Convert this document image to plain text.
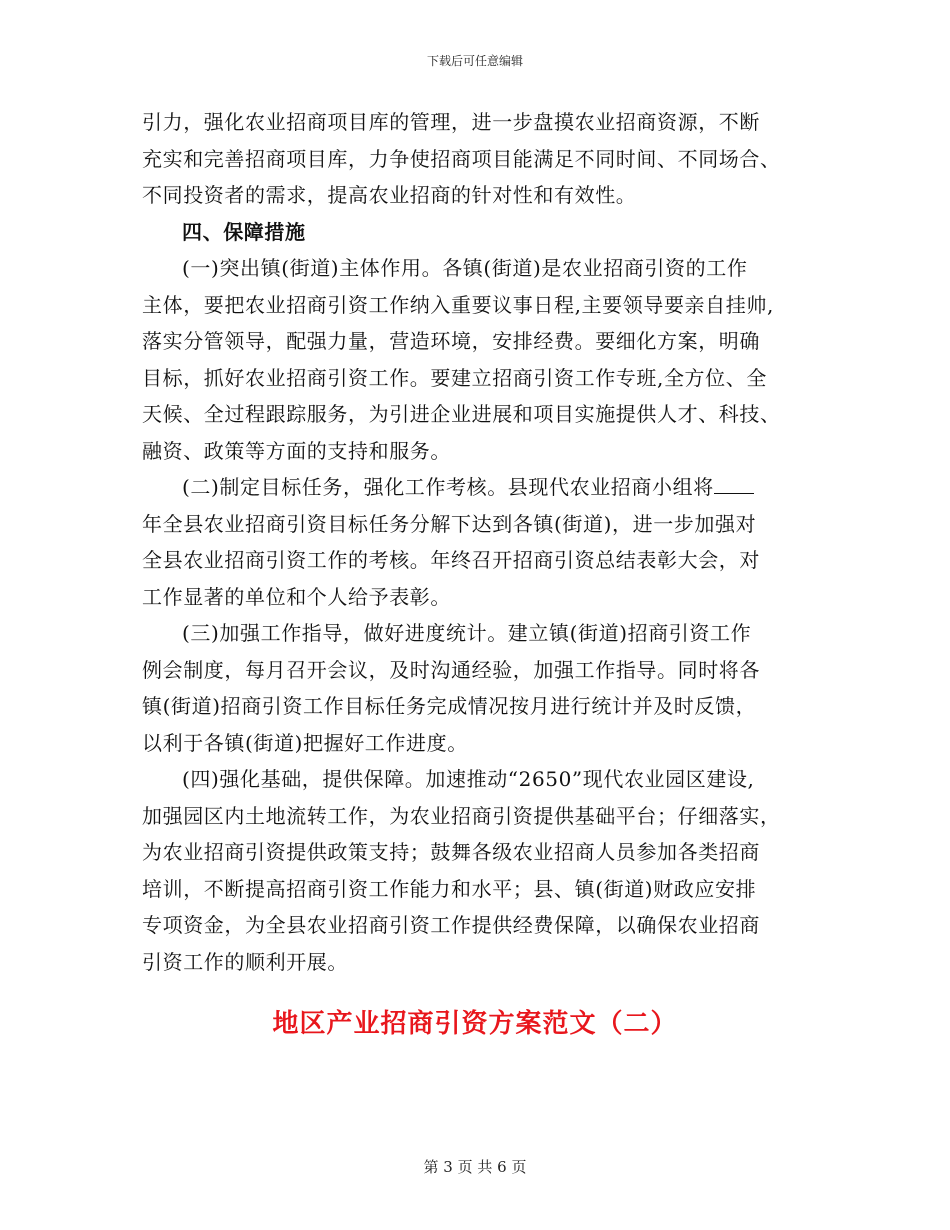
下载后可任意编辑
引力，强化农业招商项目库的管理，进一步盘摸农业招商资源，不断
充实和完善招商项目库，力争使招商项目能满足不同时间、不同场合、
不同投资者的需求，提高农业招商的针对性和有效性。
四、保障措施
(一)突出镇(街道)主体作用。各镇(街道)是农业招商引资的工作
主体，要把农业招商引资工作纳入重要议事日程,主要领导要亲自挂帅,
落实分管领导，配强力量，营造环境，安排经费。要细化方案，明确
目标，抓好农业招商引资工作。要建立招商引资工作专班,全方位、全
天候、全过程跟踪服务，为引进企业进展和项目实施提供人才、科技、
融资、政策等方面的支持和服务。
(二)制定目标任务，强化工作考核。县现代农业招商小组将
年全县农业招商引资目标任务分解下达到各镇(街道)，进一步加强对
全县农业招商引资工作的考核。年终召开招商引资总结表彰大会，对
工作显著的单位和个人给予表彰。
(三)加强工作指导，做好进度统计。建立镇(街道)招商引资工作
例会制度，每月召开会议，及时沟通经验，加强工作指导。同时将各
镇(街道)招商引资工作目标任务完成情况按月进行统计并及时反馈，
以利于各镇(街道)把握好工作进度。
(四)强化基础，提供保障。加速推动“2650”现代农业园区建设,
加强园区内土地流转工作，为农业招商引资提供基础平台；仔细落实，
为农业招商引资提供政策支持；鼓舞各级农业招商人员参加各类招商
培训，不断提高招商引资工作能力和水平；县、镇(街道)财政应安排
专项资金，为全县农业招商引资工作提供经费保障，以确保农业招商
引资工作的顺利开展。
地区产业招商引资方案范文（二）
第 3 页 共 6 页
